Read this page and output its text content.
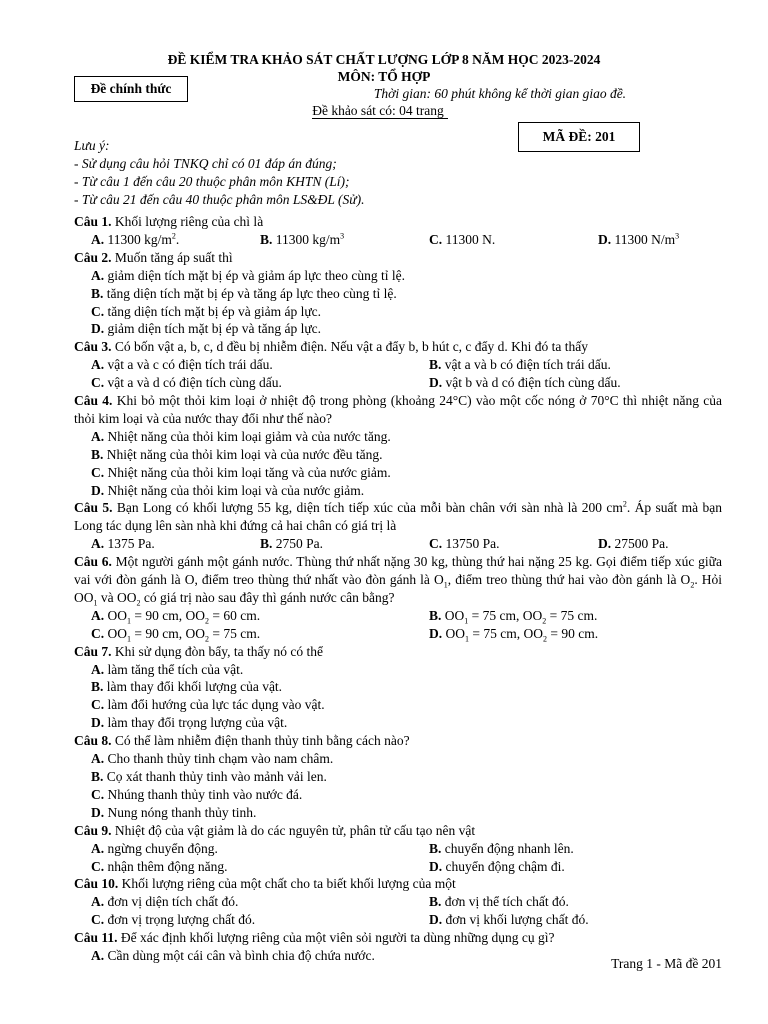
ĐỀ KIỂM TRA KHẢO SÁT CHẤT LƯỢNG LỚP 8 NĂM HỌC 2023-2024
MÔN: TỔ HỢP
Đề chính thức	Thời gian: 60 phút không kể thời gian giao đề.
Đề khảo sát có: 04 trang
MÃ ĐỀ: 201
Lưu ý:
- Sử dụng câu hỏi TNKQ chỉ có 01 đáp án đúng;
- Từ câu 1 đến câu 20 thuộc phân môn KHTN (Lí);
- Từ câu 21 đến câu 40 thuộc phân môn LS&ĐL (Sử).
Câu 1. Khối lượng riêng của chì là
A. 11300 $kg/m^2$.	B. 11300 $kg/m^3$	C. 11300 N.	D. 11300 $N/m^3$
Câu 2. Muốn tăng áp suất thì
A. giảm diện tích mặt bị ép và giảm áp lực theo cùng tỉ lệ.
B. tăng diện tích mặt bị ép và tăng áp lực theo cùng tỉ lệ.
C. tăng diện tích mặt bị ép và giảm áp lực.
D. giảm diện tích mặt bị ép và tăng áp lực.
Câu 3. Có bốn vật a, b, c, d đều bị nhiễm điện. Nếu vật a đẩy b, b hút c, c đẩy d. Khi đó ta thấy
A. vật a và c có điện tích trái dấu.	B. vật a và b có điện tích trái dấu.
C. vật a và d có điện tích cùng dấu.	D. vật b và d có điện tích cùng dấu.
Câu 4. Khi bỏ một thỏi kim loại ở nhiệt độ trong phòng (khoảng 24°C) vào một cốc nóng ở 70°C thì nhiệt năng của thỏi kim loại và của nước thay đổi như thế nào?
A. Nhiệt năng của thỏi kim loại giảm và của nước tăng.
B. Nhiệt năng của thỏi kim loại và của nước đều tăng.
C. Nhiệt năng của thỏi kim loại tăng và của nước giảm.
D. Nhiệt năng của thỏi kim loại và của nước giảm.
Câu 5. Bạn Long có khối lượng 55 kg, diện tích tiếp xúc của mỗi bàn chân với sàn nhà là 200 $cm^2$. Áp suất mà bạn Long tác dụng lên sàn nhà khi đứng cả hai chân có giá trị là
A. 1375 Pa.	B. 2750 Pa.	C. 13750 Pa.	D. 27500 Pa.
Câu 6. Một người gánh một gánh nước. Thùng thứ nhất nặng 30 kg, thùng thứ hai nặng 25 kg. Gọi điểm tiếp xúc giữa vai với đòn gánh là O, điểm treo thùng thứ nhất vào đòn gánh là $O_1$, điểm treo thùng thứ hai vào đòn gánh là $O_2$. Hỏi $OO_1$ và $OO_2$ có giá trị nào sau đây thì gánh nước cân bằng?
A. $OO_1 = 90$ cm, $OO_2 = 60$ cm.	B. $OO_1 = 75$ cm, $OO_2 = 75$ cm.
C. $OO_1 = 90$ cm, $OO_2 = 75$ cm.	D. $OO_1 = 75$ cm, $OO_2 = 90$ cm.
Câu 7. Khi sử dụng đòn bẩy, ta thấy nó có thể
A. làm tăng thể tích của vật.
B. làm thay đổi khối lượng của vật.
C. làm đổi hướng của lực tác dụng vào vật.
D. làm thay đổi trọng lượng của vật.
Câu 8. Có thể làm nhiễm điện thanh thủy tinh bằng cách nào?
A. Cho thanh thủy tinh chạm vào nam châm.
B. Cọ xát thanh thủy tinh vào mảnh vải len.
C. Nhúng thanh thủy tinh vào nước đá.
D. Nung nóng thanh thủy tinh.
Câu 9. Nhiệt độ của vật giảm là do các nguyên tử, phân tử cấu tạo nên vật
A. ngừng chuyển động.	B. chuyển động nhanh lên.
C. nhận thêm động năng.	D. chuyển động chậm đi.
Câu 10. Khối lượng riêng của một chất cho ta biết khối lượng của một
A. đơn vị diện tích chất đó.	B. đơn vị thể tích chất đó.
C. đơn vị trọng lượng chất đó.	D. đơn vị khối lượng chất đó.
Câu 11. Để xác định khối lượng riêng của một viên sỏi người ta dùng những dụng cụ gì?
A. Cần dùng một cái cân và bình chia độ chứa nước.
Trang 1 - Mã đề 201
